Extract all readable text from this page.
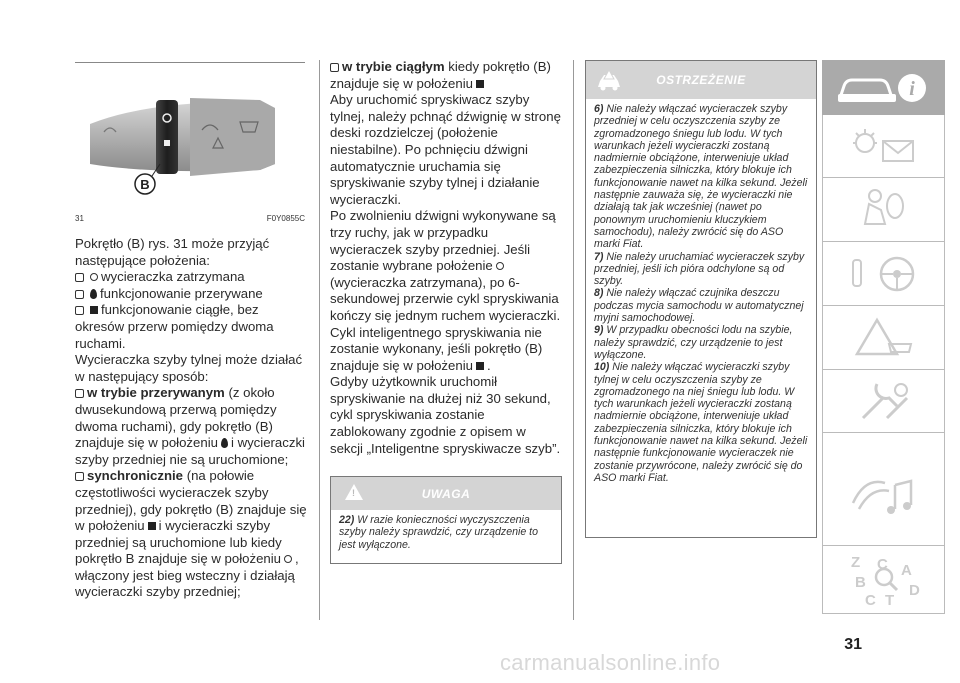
B
31	F0Y0855C

Pokrętło (B) rys. 31 może przyjąć następujące położenia:

wycieraczka zatrzymana

funkcjonowanie przerywane

funkcjonowanie ciągłe, bez okresów przerw pomiędzy dwoma ruchami.

Wycieraczka szyby tylnej może działać w następujący sposób:

w trybie przerywanym (z około dwusekundową przerwą pomiędzy dwoma ruchami), gdy pokrętło (B) znajduje się w położeniu i wycieraczki szyby przedniej nie są uruchomione;

synchronicznie (na połowie częstotliwości wycieraczek szyby przedniej), gdy pokrętło (B) znajduje się w położeniu i wycieraczki szyby przedniej są uruchomione lub kiedy pokrętło B znajduje się w położeniu , włączony jest bieg wsteczny i działają wycieraczki szyby przedniej;

w trybie ciągłym kiedy pokrętło (B) znajduje się w położeniu

Aby uruchomić spryskiwacz szyby tylnej, należy pchnąć dźwignię w stronę deski rozdzielczej (położenie niestabilne). Po pchnięciu dźwigni automatycznie uruchamia się spryskiwanie szyby tylnej i działanie wycieraczki.

Po zwolnieniu dźwigni wykonywane są trzy ruchy, jak w przypadku wycieraczek szyby przedniej. Jeśli zostanie wybrane położenie(wycieraczka zatrzymana), po 6-sekundowej przerwie cykl spryskiwania kończy się jednym ruchem wycieraczki. Cykl inteligentnego spryskiwania nie zostanie wykonany, jeśli pokrętło (B) znajduje się w położeniu .

Gdyby użytkownik uruchomił spryskiwanie na dłużej niż 30 sekund, cykl spryskiwania zostanie zablokowany zgodnie z opisem w sekcji „Inteligentne spryskiwacze szyb”.

!	UWAGA

22) W razie konieczności wyczyszczenia szyby należy sprawdzić, czy urządzenie to jest wyłączone.

OSTRZEŻENIE

6) Nie należy włączać wycieraczek szyby przedniej w celu oczyszczenia szyby ze zgromadzonego śniegu lub lodu. W tych warunkach jeżeli wycieraczki zostaną nadmiernie obciążone, interweniuje układ zabezpieczenia silniczka, który blokuje ich funkcjonowanie nawet na kilka sekund. Jeżeli następnie zauważa się, że wycieraczki nie działają tak jak wcześniej (nawet po ponownym uruchomieniu kluczykiem samochodu), należy zwrócić się do ASO marki Fiat.

7) Nie należy uruchamiać wycieraczek szyby przedniej, jeśli ich pióra odchylone są od szyby.

8) Nie należy włączać czujnika deszczu podczas mycia samochodu w automatycznej myjni samochodowej.

9) W przypadku obecności lodu na szybie, należy sprawdzić, czy urządzenie to jest wyłączone.

10) Nie należy włączać wycieraczki szyby tylnej w celu oczyszczenia szyby ze zgromadzonego na niej śniegu lub lodu. W tych warunkach jeżeli wycieraczki zostaną nadmiernie obciążone, interweniuje układ zabezpieczenia silniczka, który blokuje ich funkcjonowanie nawet na kilka sekund. Jeżeli następnie funkcjonowanie wycieraczek nie zostanie przywrócone, należy zwrócić się do ASO marki Fiat.

i
Z C A
B	D
C T
31
carmanualsonline.info
